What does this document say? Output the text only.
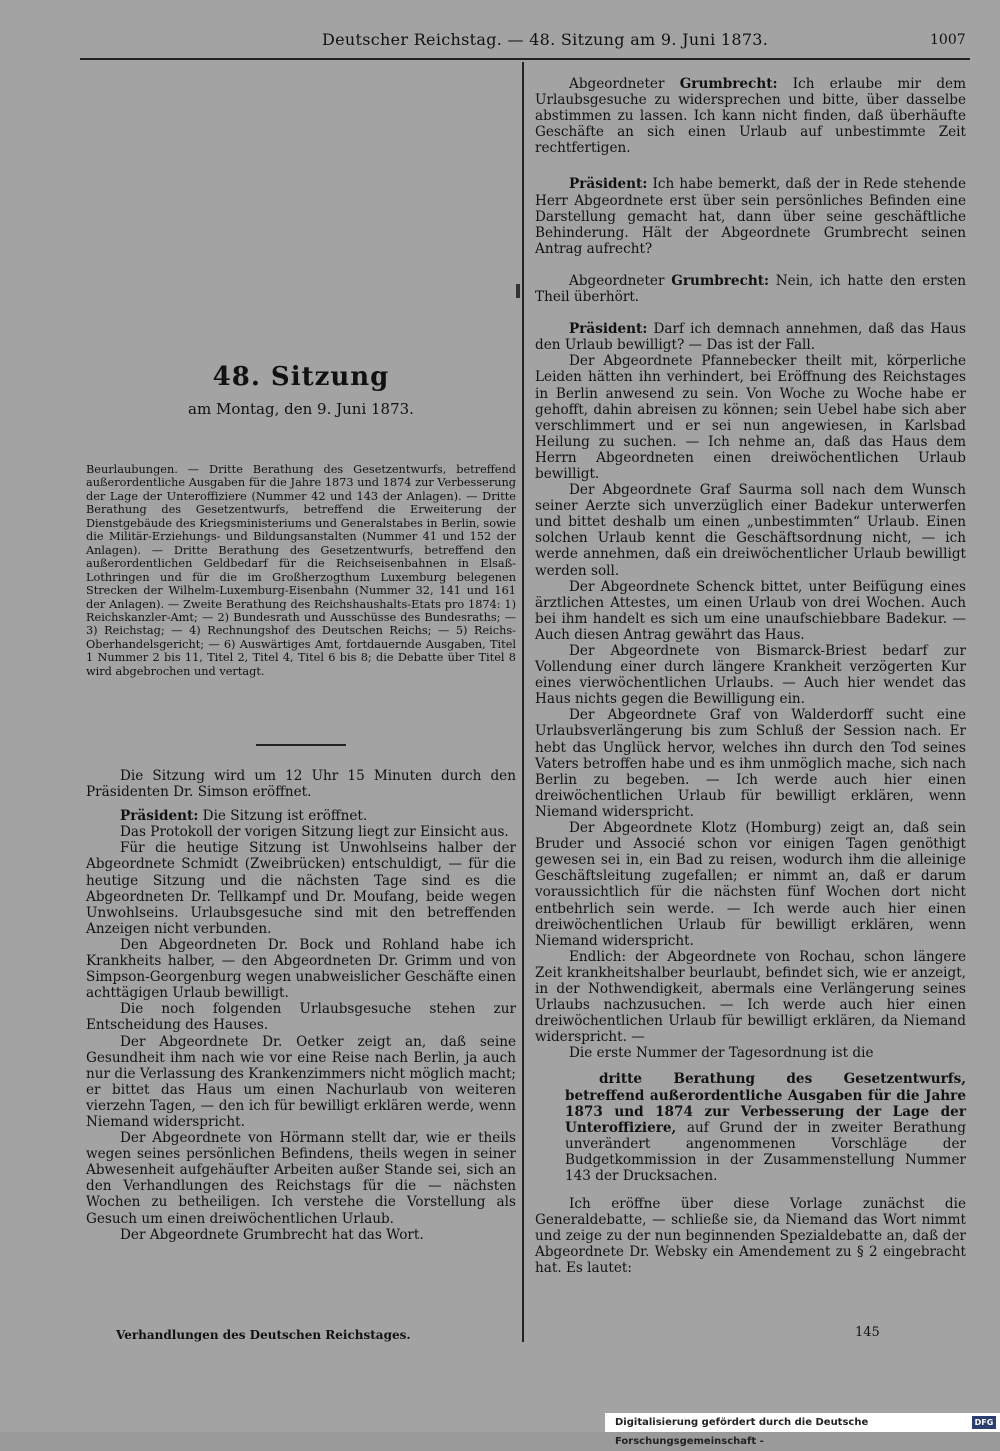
Deutscher Reichstag. — 48. Sitzung am 9. Juni 1873.	1007
48. Sitzung
am Montag, den 9. Juni 1873.
Beurlaubungen. — Dritte Berathung des Gesetzentwurfs, betreffend außerordentliche Ausgaben für die Jahre 1873 und 1874 zur Verbesserung der Lage der Unteroffiziere (Nummer 42 und 143 der Anlagen). — Dritte Berathung des Gesetzentwurfs, betreffend die Erweiterung der Dienstgebäude des Kriegsministeriums und Generalstabes in Berlin, sowie die Militär-Erziehungs- und Bildungsanstalten (Nummer 41 und 152 der Anlagen). — Dritte Berathung des Gesetzentwurfs, betreffend den außerordentlichen Geldbedarf für die Reichseisenbahnen in Elsaß-Lothringen und für die im Großherzogthum Luxemburg belegenen Strecken der Wilhelm-Luxemburg-Eisenbahn (Nummer 32, 141 und 161 der Anlagen). — Zweite Berathung des Reichshaushalts-Etats pro 1874: 1) Reichskanzler-Amt; — 2) Bundesrath und Ausschüsse des Bundesraths; — 3) Reichstag; — 4) Rechnungshof des Deutschen Reichs; — 5) Reichs-Oberhandelsgericht; — 6) Auswärtiges Amt, fortdauernde Ausgaben, Titel 1 Nummer 2 bis 11, Titel 2, Titel 4, Titel 6 bis 8; die Debatte über Titel 8 wird abgebrochen und vertagt.

Die Sitzung wird um 12 Uhr 15 Minuten durch den Präsidenten Dr. Simson eröffnet.

Präsident: Die Sitzung ist eröffnet.

Das Protokoll der vorigen Sitzung liegt zur Einsicht aus.

Für die heutige Sitzung ist Unwohlseins halber der Abgeordnete Schmidt (Zweibrücken) entschuldigt, — für die heutige Sitzung und die nächsten Tage sind es die Abgeordneten Dr. Tellkampf und Dr. Moufang, beide wegen Unwohlseins. Urlaubsgesuche sind mit den betreffenden Anzeigen nicht verbunden.

Den Abgeordneten Dr. Bock und Rohland habe ich Krankheits halber, — den Abgeordneten Dr. Grimm und von Simpson-Georgenburg wegen unabweislicher Geschäfte einen achttägigen Urlaub bewilligt.

Die noch folgenden Urlaubsgesuche stehen zur Entscheidung des Hauses.

Der Abgeordnete Dr. Oetker zeigt an, daß seine Gesundheit ihm nach wie vor eine Reise nach Berlin, ja auch nur die Verlassung des Krankenzimmers nicht möglich macht; er bittet das Haus um einen Nachurlaub von weiteren vierzehn Tagen, — den ich für bewilligt erklären werde, wenn Niemand widerspricht.

Der Abgeordnete von Hörmann stellt dar, wie er theils wegen seines persönlichen Befindens, theils wegen in seiner Abwesenheit aufgehäufter Arbeiten außer Stande sei, sich an den Verhandlungen des Reichstags für die — nächsten Wochen zu betheiligen. Ich verstehe die Vorstellung als Gesuch um einen dreiwöchentlichen Urlaub.

Der Abgeordnete Grumbrecht hat das Wort.

Verhandlungen des Deutschen Reichstages.

Abgeordneter Grumbrecht: Ich erlaube mir dem Urlaubsgesuche zu widersprechen und bitte, über dasselbe abstimmen zu lassen. Ich kann nicht finden, daß überhäufte Geschäfte an sich einen Urlaub auf unbestimmte Zeit rechtfertigen.

Präsident: Ich habe bemerkt, daß der in Rede stehende Herr Abgeordnete erst über sein persönliches Befinden eine Darstellung gemacht hat, dann über seine geschäftliche Behinderung. Hält der Abgeordnete Grumbrecht seinen Antrag aufrecht?

Abgeordneter Grumbrecht: Nein, ich hatte den ersten Theil überhört.

Präsident: Darf ich demnach annehmen, daß das Haus den Urlaub bewilligt? — Das ist der Fall.

Der Abgeordnete Pfannebecker theilt mit, körperliche Leiden hätten ihn verhindert, bei Eröffnung des Reichstages in Berlin anwesend zu sein. Von Woche zu Woche habe er gehofft, dahin abreisen zu können; sein Uebel habe sich aber verschlimmert und er sei nun angewiesen, in Karlsbad Heilung zu suchen. — Ich nehme an, daß das Haus dem Herrn Abgeordneten einen dreiwöchentlichen Urlaub bewilligt.

Der Abgeordnete Graf Saurma soll nach dem Wunsch seiner Aerzte sich unverzüglich einer Badekur unterwerfen und bittet deshalb um einen „unbestimmten“ Urlaub. Einen solchen Urlaub kennt die Geschäftsordnung nicht, — ich werde annehmen, daß ein dreiwöchentlicher Urlaub bewilligt werden soll.

Der Abgeordnete Schenck bittet, unter Beifügung eines ärztlichen Attestes, um einen Urlaub von drei Wochen. Auch bei ihm handelt es sich um eine unaufschiebbare Badekur. — Auch diesen Antrag gewährt das Haus.

Der Abgeordnete von Bismarck-Briest bedarf zur Vollendung einer durch längere Krankheit verzögerten Kur eines vierwöchentlichen Urlaubs. — Auch hier wendet das Haus nichts gegen die Bewilligung ein.

Der Abgeordnete Graf von Walderdorff sucht eine Urlaubsverlängerung bis zum Schluß der Session nach. Er hebt das Unglück hervor, welches ihn durch den Tod seines Vaters betroffen habe und es ihm unmöglich mache, sich nach Berlin zu begeben. — Ich werde auch hier einen dreiwöchentlichen Urlaub für bewilligt erklären, wenn Niemand widerspricht.

Der Abgeordnete Klotz (Homburg) zeigt an, daß sein Bruder und Associé schon vor einigen Tagen genöthigt gewesen sei in, ein Bad zu reisen, wodurch ihm die alleinige Geschäftsleitung zugefallen; er nimmt an, daß er darum voraussichtlich für die nächsten fünf Wochen dort nicht entbehrlich sein werde. — Ich werde auch hier einen dreiwöchentlichen Urlaub für bewilligt erklären, wenn Niemand widerspricht.

Endlich: der Abgeordnete von Rochau, schon längere Zeit krankheitshalber beurlaubt, befindet sich, wie er anzeigt, in der Nothwendigkeit, abermals eine Verlängerung seines Urlaubs nachzusuchen. — Ich werde auch hier einen dreiwöchentlichen Urlaub für bewilligt erklären, da Niemand widerspricht. —

Die erste Nummer der Tagesordnung ist die

dritte Berathung des Gesetzentwurfs, betreffend außerordentliche Ausgaben für die Jahre 1873 und 1874 zur Verbesserung der Lage der Unteroffiziere, auf Grund der in zweiter Berathung unverändert angenommenen Vorschläge der Budgetkommission in der Zusammenstellung Nummer 143 der Drucksachen.

Ich eröffne über diese Vorlage zunächst die Generaldebatte, — schließe sie, da Niemand das Wort nimmt und zeige zu der nun beginnenden Spezialdebatte an, daß der Abgeordnete Dr. Websky ein Amendement zu § 2 eingebracht hat. Es lautet:

145
Digitalisierung gefördert durch die Deutsche Forschungsgemeinschaft -
DFG
